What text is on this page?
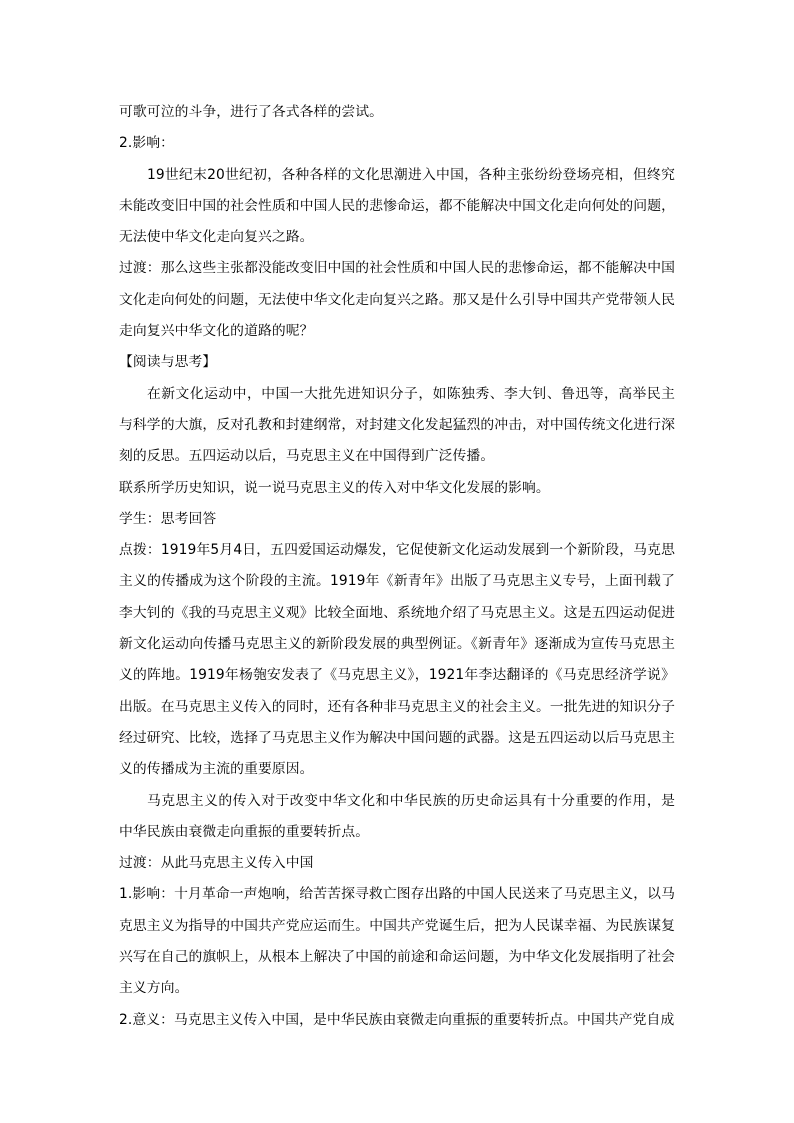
可歌可泣的斗争，进行了各式各样的尝试。

2.影响：

19世纪末20世纪初，各种各样的文化思潮进入中国，各种主张纷纷登场亮相，但终究未能改变旧中国的社会性质和中国人民的悲惨命运，都不能解决中国文化走向何处的问题，无法使中华文化走向复兴之路。

过渡：那么这些主张都没能改变旧中国的社会性质和中国人民的悲惨命运，都不能解决中国文化走向何处的问题，无法使中华文化走向复兴之路。那又是什么引导中国共产党带领人民走向复兴中华文化的道路的呢？

【阅读与思考】

在新文化运动中，中国一大批先进知识分子，如陈独秀、李大钊、鲁迅等，高举民主与科学的大旗，反对孔教和封建纲常，对封建文化发起猛烈的冲击，对中国传统文化进行深刻的反思。五四运动以后，马克思主义在中国得到广泛传播。

联系所学历史知识，说一说马克思主义的传入对中华文化发展的影响。

学生：思考回答

点拨：1919年5月4日，五四爱国运动爆发，它促使新文化运动发展到一个新阶段，马克思主义的传播成为这个阶段的主流。1919年《新青年》出版了马克思主义专号，上面刊载了李大钊的《我的马克思主义观》比较全面地、系统地介绍了马克思主义。这是五四运动促进新文化运动向传播马克思主义的新阶段发展的典型例证。《新青年》逐渐成为宣传马克思主义的阵地。1919年杨匏安发表了《马克思主义》，1921年李达翻译的《马克思经济学说》出版。在马克思主义传入的同时，还有各种非马克思主义的社会主义。一批先进的知识分子经过研究、比较，选择了马克思主义作为解决中国问题的武器。这是五四运动以后马克思主义的传播成为主流的重要原因。

马克思主义的传入对于改变中华文化和中华民族的历史命运具有十分重要的作用，是中华民族由衰微走向重振的重要转折点。

过渡：从此马克思主义传入中国

1.影响：十月革命一声炮响，给苦苦探寻救亡图存出路的中国人民送来了马克思主义，以马克思主义为指导的中国共产党应运而生。中国共产党诞生后，把为人民谋幸福、为民族谋复兴写在自己的旗帜上，从根本上解决了中国的前途和命运问题，为中华文化发展指明了社会主义方向。

2.意义：马克思主义传入中国，是中华民族由衰微走向重振的重要转折点。中国共产党自成
